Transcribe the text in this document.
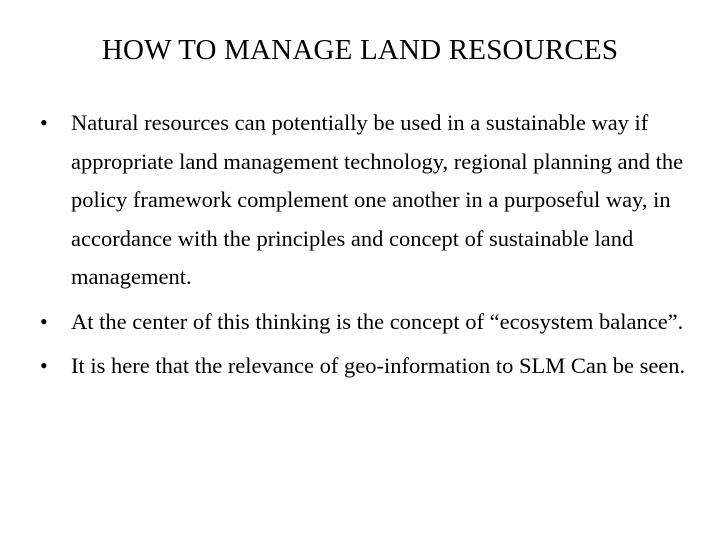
HOW TO MANAGE LAND RESOURCES
• Natural resources can potentially be used in a sustainable way if appropriate land management technology, regional planning and the policy framework complement one another in a purposeful way, in accordance with the principles and concept of sustainable land management.
• At the center of this thinking is the concept of “ecosystem balance”.
• It is here that the relevance of geo-information to SLM Can be seen.
